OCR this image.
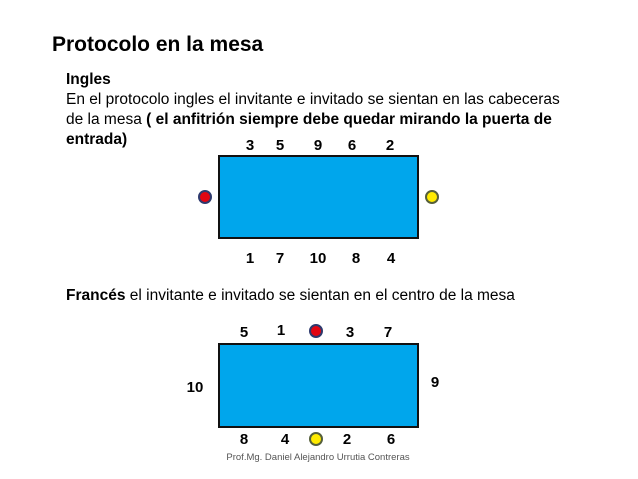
Protocolo en la mesa
Ingles
En el protocolo ingles el invitante e invitado se sientan en las cabeceras
de la mesa ( el anfitrión siempre debe quedar mirando la puerta de
entrada)	3 5 9 6 2
1 7 10 8 4
Francés el invitante e invitado se sientan en el centro de la mesa
5 1	3 7
10	9
8 4	2 6
Prof.Mg. Daniel Alejandro Urrutia Contreras
